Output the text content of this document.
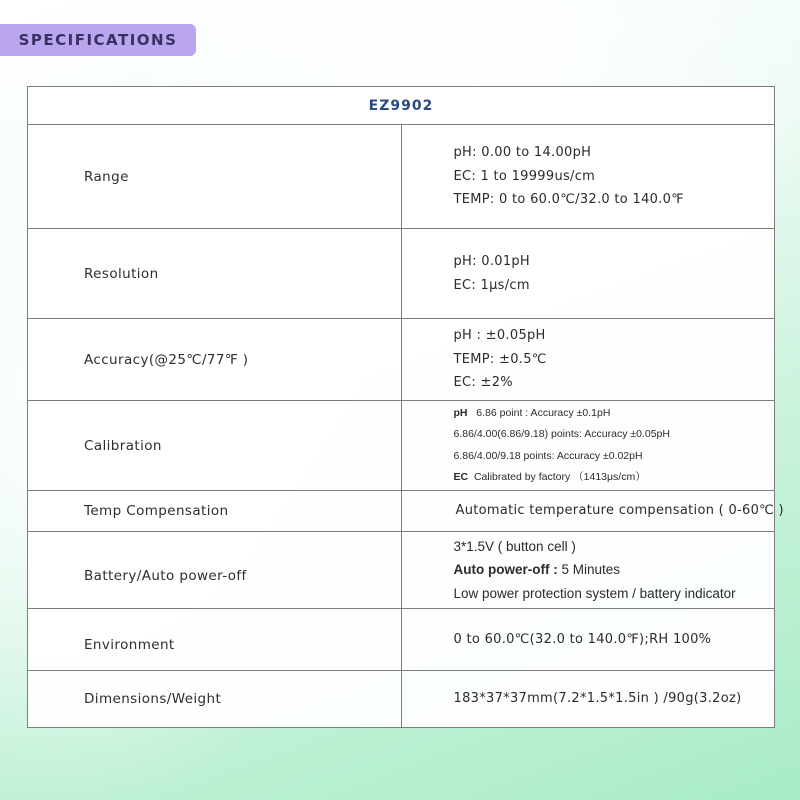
SPECIFICATIONS
EZ9902	
Range	pH: 0.00 to 14.00pH
EC: 1 to 19999us/cm
TEMP: 0 to 60.0℃/32.0 to 140.0℉

Resolution	pH: 0.01pH
EC: 1μs/cm

Accuracy(@25℃/77℉ )	pH : ±0.05pH
TEMP: ±0.5℃
EC: ±2%

Calibration	pH 6.86 point : Accuracy ±0.1pH
6.86/4.00(6.86/9.18) points: Accuracy ±0.05pH
6.86/4.00/9.18 points: Accuracy ±0.02pH
EC Calibrated by factory （1413μs/cm）

Temp Compensation	Automatic temperature compensation ( 0-60℃ )

Battery/Auto power-off	3*1.5V ( button cell )
Auto power-off : 5 Minutes
Low power protection system / battery indicator

Environment	0 to 60.0℃(32.0 to 140.0℉);RH 100%

Dimensions/Weight	183*37*37mm(7.2*1.5*1.5in ) /90g(3.2oz)
